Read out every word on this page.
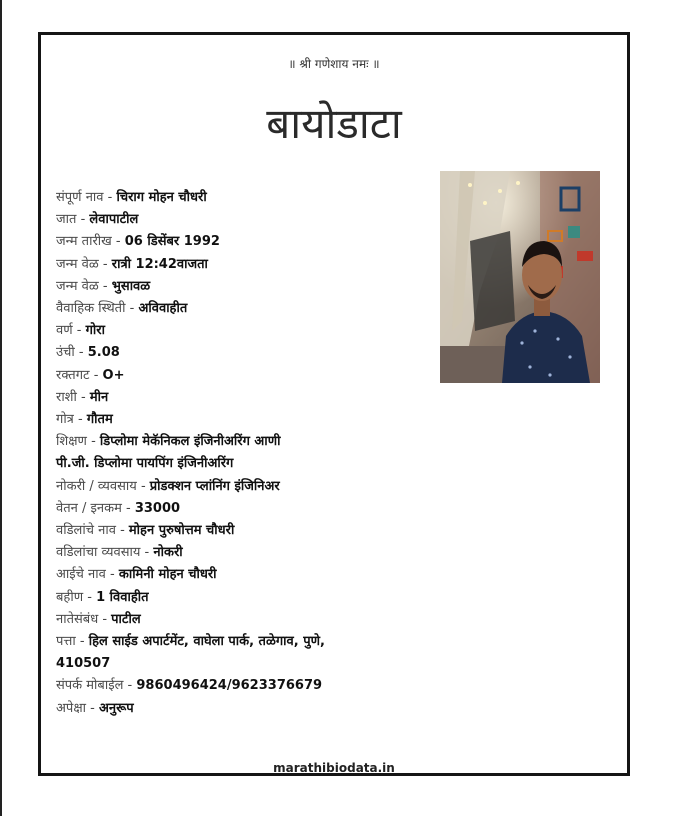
॥ श्री गणेशाय नमः ॥
बायोडाटा
संपूर्ण नाव - चिराग मोहन चौधरी
जात - लेवापाटील
जन्म तारीख - 06 डिसेंबर 1992
जन्म वेळ - रात्री 12:42वाजता
जन्म वेळ - भुसावळ
वैवाहिक स्थिती - अविवाहीत
वर्ण - गोरा
उंची - 5.08
रक्तगट - O+
राशी - मीन
गोत्र - गौतम
शिक्षण - डिप्लोमा मेकॅनिकल इंजिनीअरिंग आणी
पी.जी. डिप्लोमा पायपिंग इंजिनीअरिंग
नोकरी / व्यवसाय - प्रोडक्शन प्लांनिंग इंजिनिअर
वेतन / इनकम - 33000
वडिलांचे नाव - मोहन पुरुषोत्तम चौधरी
वडिलांचा व्यवसाय - नोकरी
आईचे नाव - कामिनी मोहन चौधरी
बहीण - 1 विवाहीत
नातेसंबंध - पाटील
पत्ता - हिल साईड अपार्टमेंट, वाघेला पार्क, तळेगाव, पुणे,
410507
संपर्क मोबाईल - 9860496424/9623376679
अपेक्षा - अनुरूप
marathibiodata.in
